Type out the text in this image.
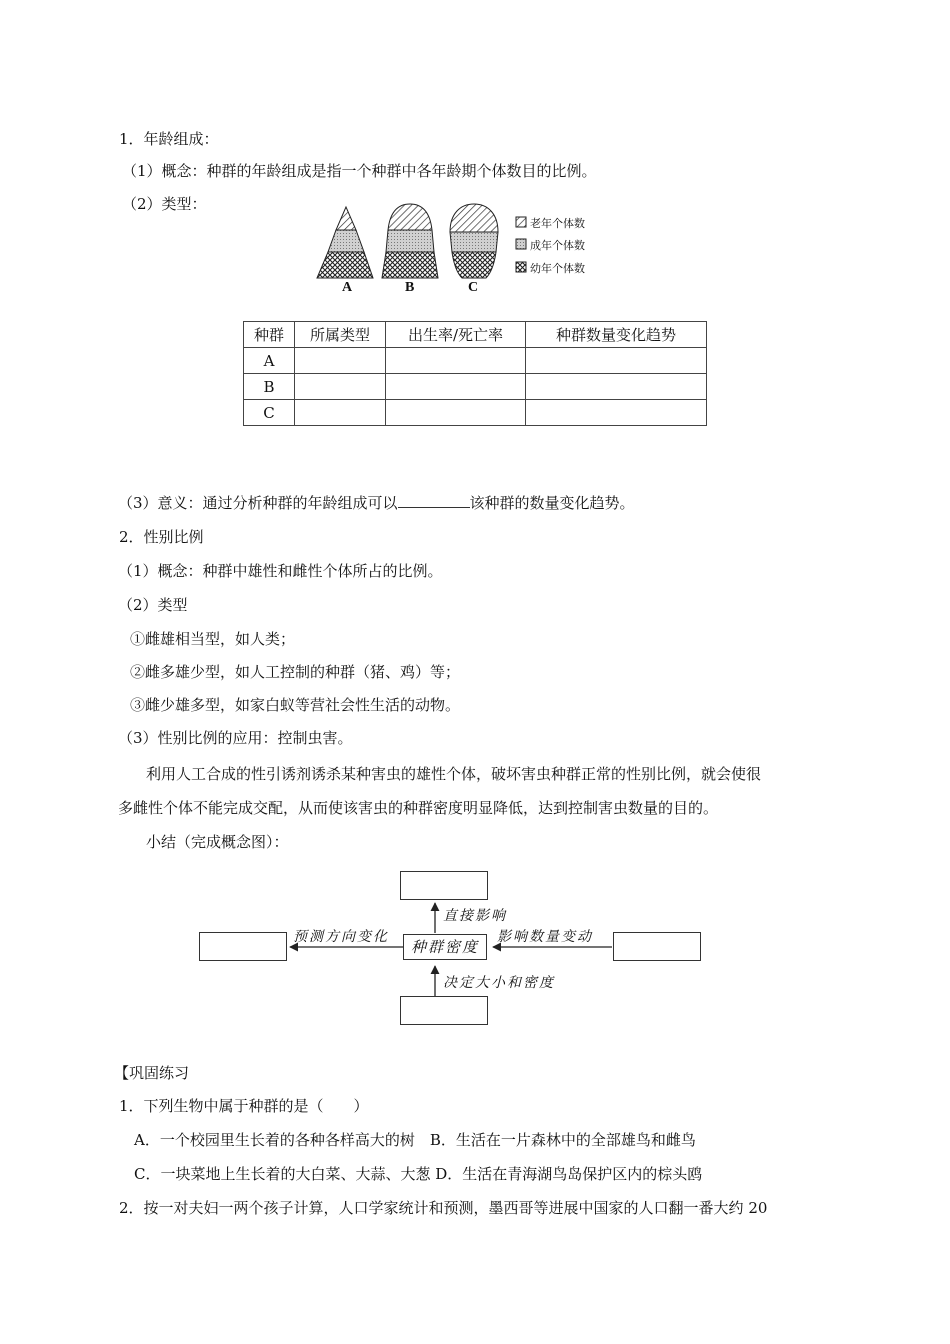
1．年龄组成：
（1）概念：种群的年龄组成是指一个种群中各年龄期个体数目的比例。
（2）类型：
老年个体数
成年个体数
幼年个体数
A	B	C
种群	所属类型	出生率/死亡率	种群数量变化趋势
A			
B			
C			
（3）意义：通过分析种群的年龄组成可以	该种群的数量变化趋势。
2．性别比例
（1）概念：种群中雄性和雌性个体所占的比例。
（2）类型
①雌雄相当型，如人类；
②雌多雄少型，如人工控制的种群（猪、鸡）等；
③雌少雄多型，如家白蚁等营社会性生活的动物。
（3）性别比例的应用：控制虫害。
利用人工合成的性引诱剂诱杀某种害虫的雄性个体，破坏害虫种群正常的性别比例，就会使很
多雌性个体不能完成交配，从而使该害虫的种群密度明显降低，达到控制害虫数量的目的。
小结（完成概念图）：
种群密度
直接影响
预测方向变化	影响数量变动
决定大小和密度
【巩固练习
1．下列生物中属于种群的是（　　）
A．一个校园里生长着的各种各样高大的树　B．生活在一片森林中的全部雄鸟和雌鸟
C．一块菜地上生长着的大白菜、大蒜、大葱 D．生活在青海湖鸟岛保护区内的棕头鸥
2．按一对夫妇一两个孩子计算，人口学家统计和预测，墨西哥等进展中国家的人口翻一番大约 20
